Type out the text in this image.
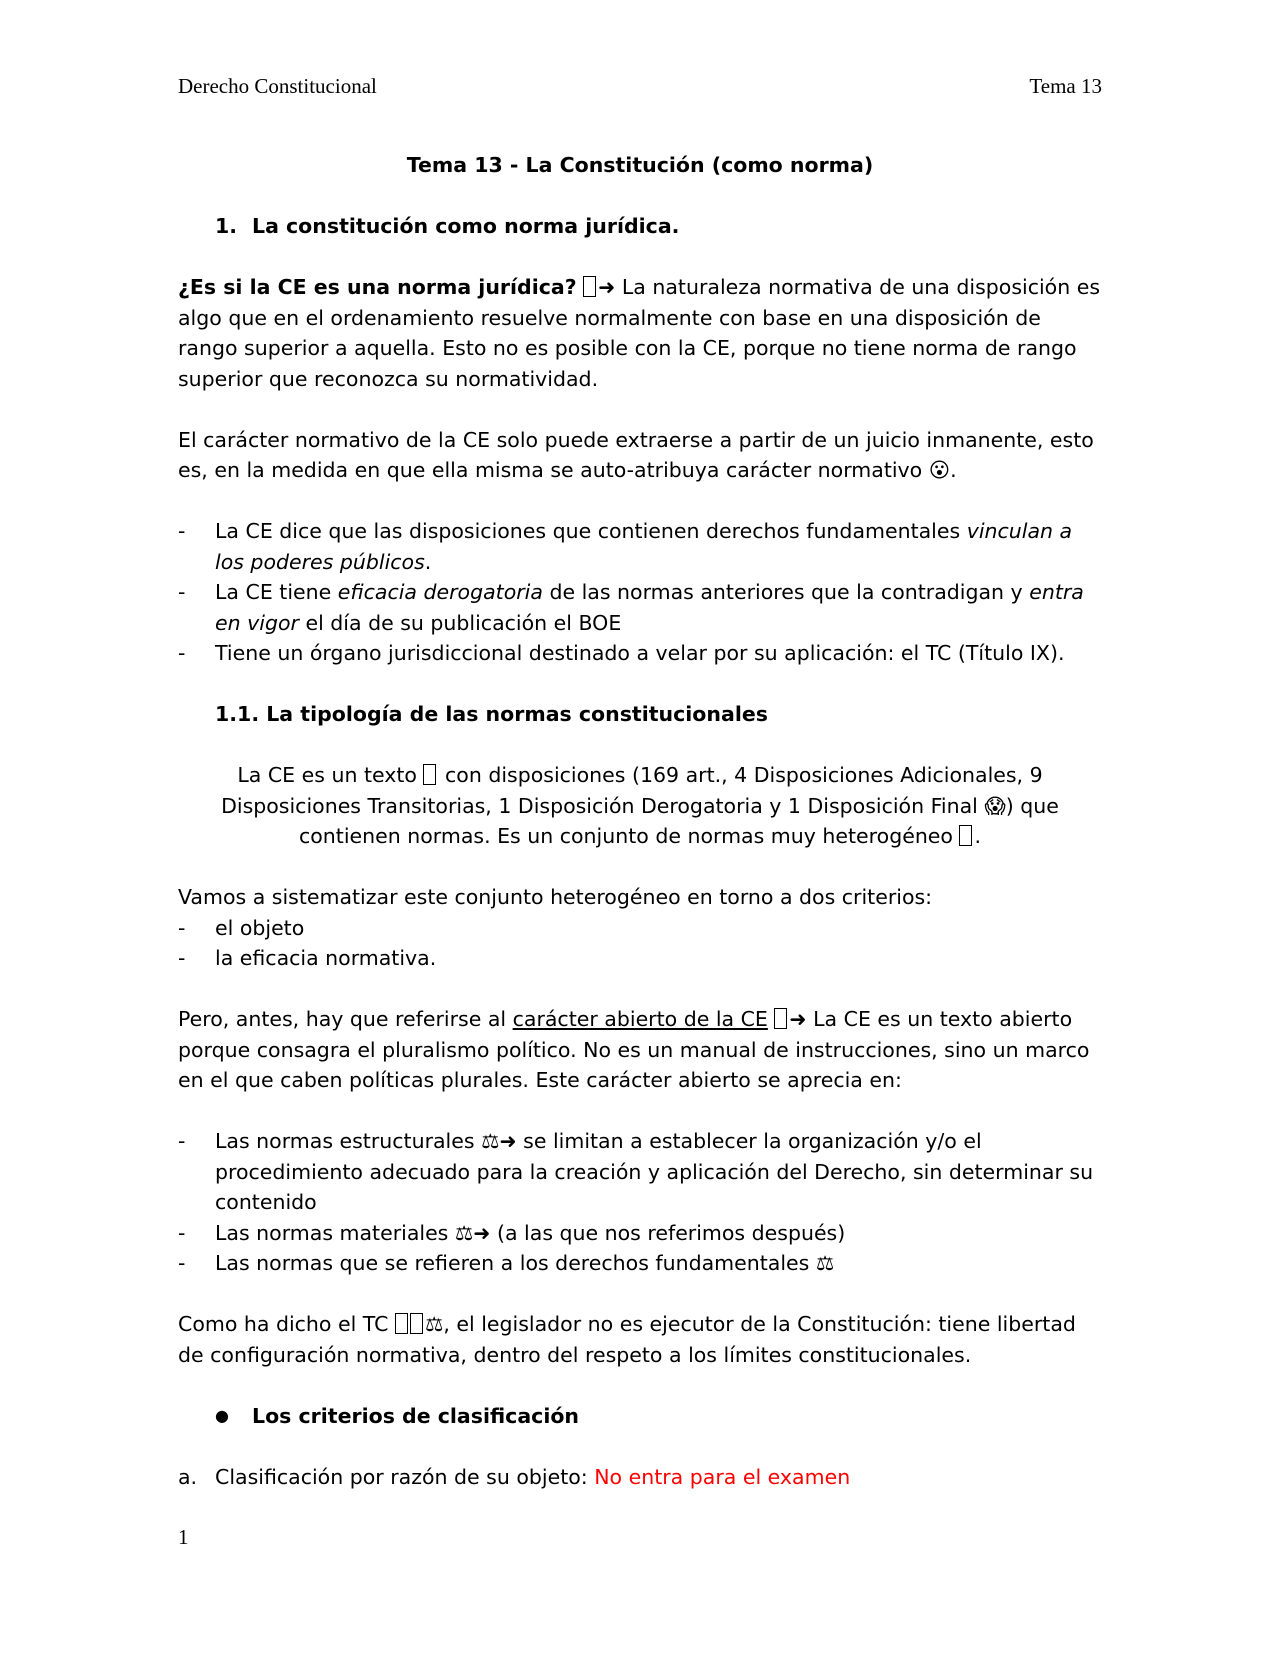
Derecho Constitucional	Tema 13

Tema 13 - La Constitución (como norma)

1. La constitución como norma jurídica.

¿Es si la CE es una norma jurídica? ➜ La naturaleza normativa de una disposición es algo que en el ordenamiento resuelve normalmente con base en una disposición de rango superior a aquella. Esto no es posible con la CE, porque no tiene norma de rango superior que reconozca su normatividad.

El carácter normativo de la CE solo puede extraerse a partir de un juicio inmanente, esto es, en la medida en que ella misma se auto-atribuya carácter normativo 😮.

-	La CE dice que las disposiciones que contienen derechos fundamentales vinculan a los poderes públicos.
-	La CE tiene eficacia derogatoria de las normas anteriores que la contradigan y entra en vigor el día de su publicación el BOE
-	Tiene un órgano jurisdiccional destinado a velar por su aplicación: el TC (Título IX).

1.1. La tipología de las normas constitucionales

La CE es un texto  con disposiciones (169 art., 4 Disposiciones Adicionales, 9 Disposiciones Transitorias, 1 Disposición Derogatoria y 1 Disposición Final 😱) que contienen normas. Es un conjunto de normas muy heterogéneo .

Vamos a sistematizar este conjunto heterogéneo en torno a dos criterios:

-	el objeto
-	la eficacia normativa.

Pero, antes, hay que referirse al carácter abierto de la CE ➜ La CE es un texto abierto porque consagra el pluralismo político. No es un manual de instrucciones, sino un marco en el que caben políticas plurales. Este carácter abierto se aprecia en:

-	Las normas estructurales ⚖➜ se limitan a establecer la organización y/o el procedimiento adecuado para la creación y aplicación del Derecho, sin determinar su contenido
-	Las normas materiales ⚖➜ (a las que nos referimos después)
-	Las normas que se refieren a los derechos fundamentales ⚖

Como ha dicho el TC ⚖, el legislador no es ejecutor de la Constitución: tiene libertad de configuración normativa, dentro del respeto a los límites constitucionales.

●	Los criterios de clasificación

a. Clasificación por razón de su objeto: No entra para el examen

1
